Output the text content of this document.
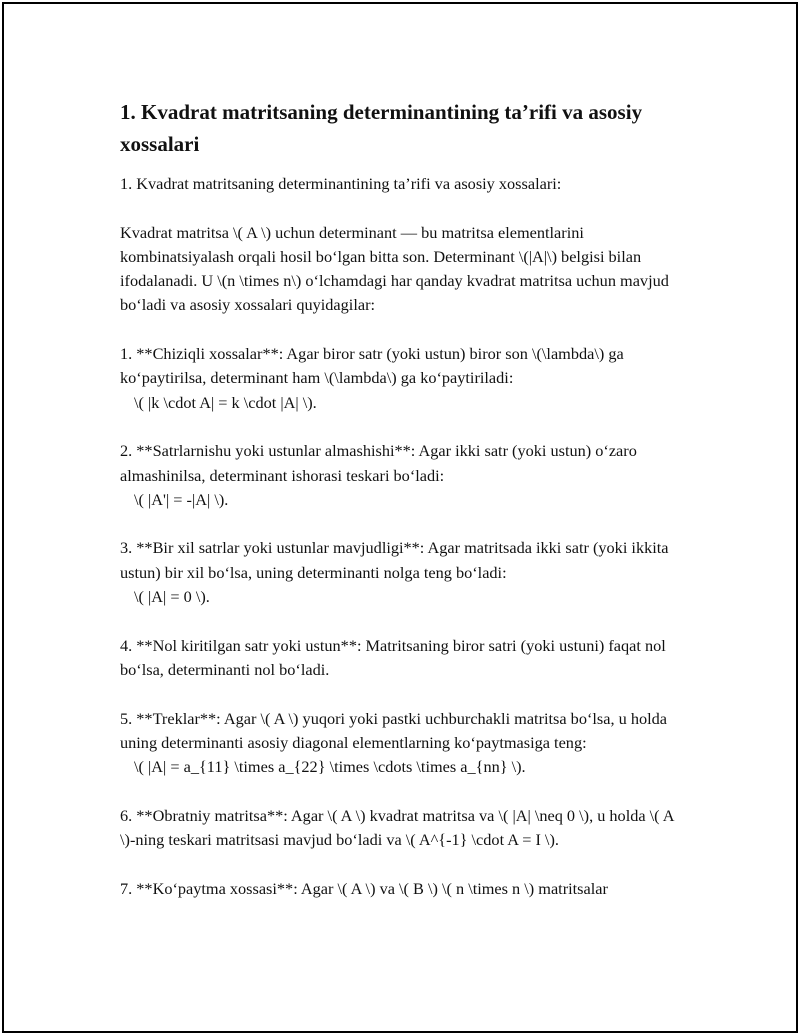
1. Kvadrat matritsaning determinantining ta’rifi va asosiy xossalari

1. Kvadrat matritsaning determinantining ta’rifi va asosiy xossalari:

Kvadrat matritsa \( A \) uchun determinant — bu matritsa elementlarini kombinatsiyalash orqali hosil bo‘lgan bitta son. Determinant \(|A|\) belgisi bilan ifodalanadi. U \(n \times n\) o‘lchamdagi har qanday kvadrat matritsa uchun mavjud bo‘ladi va asosiy xossalari quyidagilar:

1. **Chiziqli xossalar**: Agar biror satr (yoki ustun) biror son \(\lambda\) ga ko‘paytirilsa, determinant ham \(\lambda\) ga ko‘paytiriladi:
\( |k \cdot A| = k \cdot |A| \).

2. **Satrlarnishu yoki ustunlar almashishi**: Agar ikki satr (yoki ustun) o‘zaro almashinilsa, determinant ishorasi teskari bo‘ladi:
\( |A'| = -|A| \).

3. **Bir xil satrlar yoki ustunlar mavjudligi**: Agar matritsada ikki satr (yoki ikkita ustun) bir xil bo‘lsa, uning determinanti nolga teng bo‘ladi:
\( |A| = 0 \).

4. **Nol kiritilgan satr yoki ustun**: Matritsaning biror satri (yoki ustuni) faqat nol bo‘lsa, determinanti nol bo‘ladi.

5. **Treklar**: Agar \( A \) yuqori yoki pastki uchburchakli matritsa bo‘lsa, u holda uning determinanti asosiy diagonal elementlarning ko‘paytmasiga teng:
\( |A| = a_{11} \times a_{22} \times \cdots \times a_{nn} \).

6. **Obratniy matritsa**: Agar \( A \) kvadrat matritsa va \( |A| \neq 0 \), u holda \( A \)-ning teskari matritsasi mavjud bo‘ladi va \( A^{-1} \cdot A = I \).

7. **Ko‘paytma xossasi**: Agar \( A \) va \( B \) \( n \times n \) matritsalar
